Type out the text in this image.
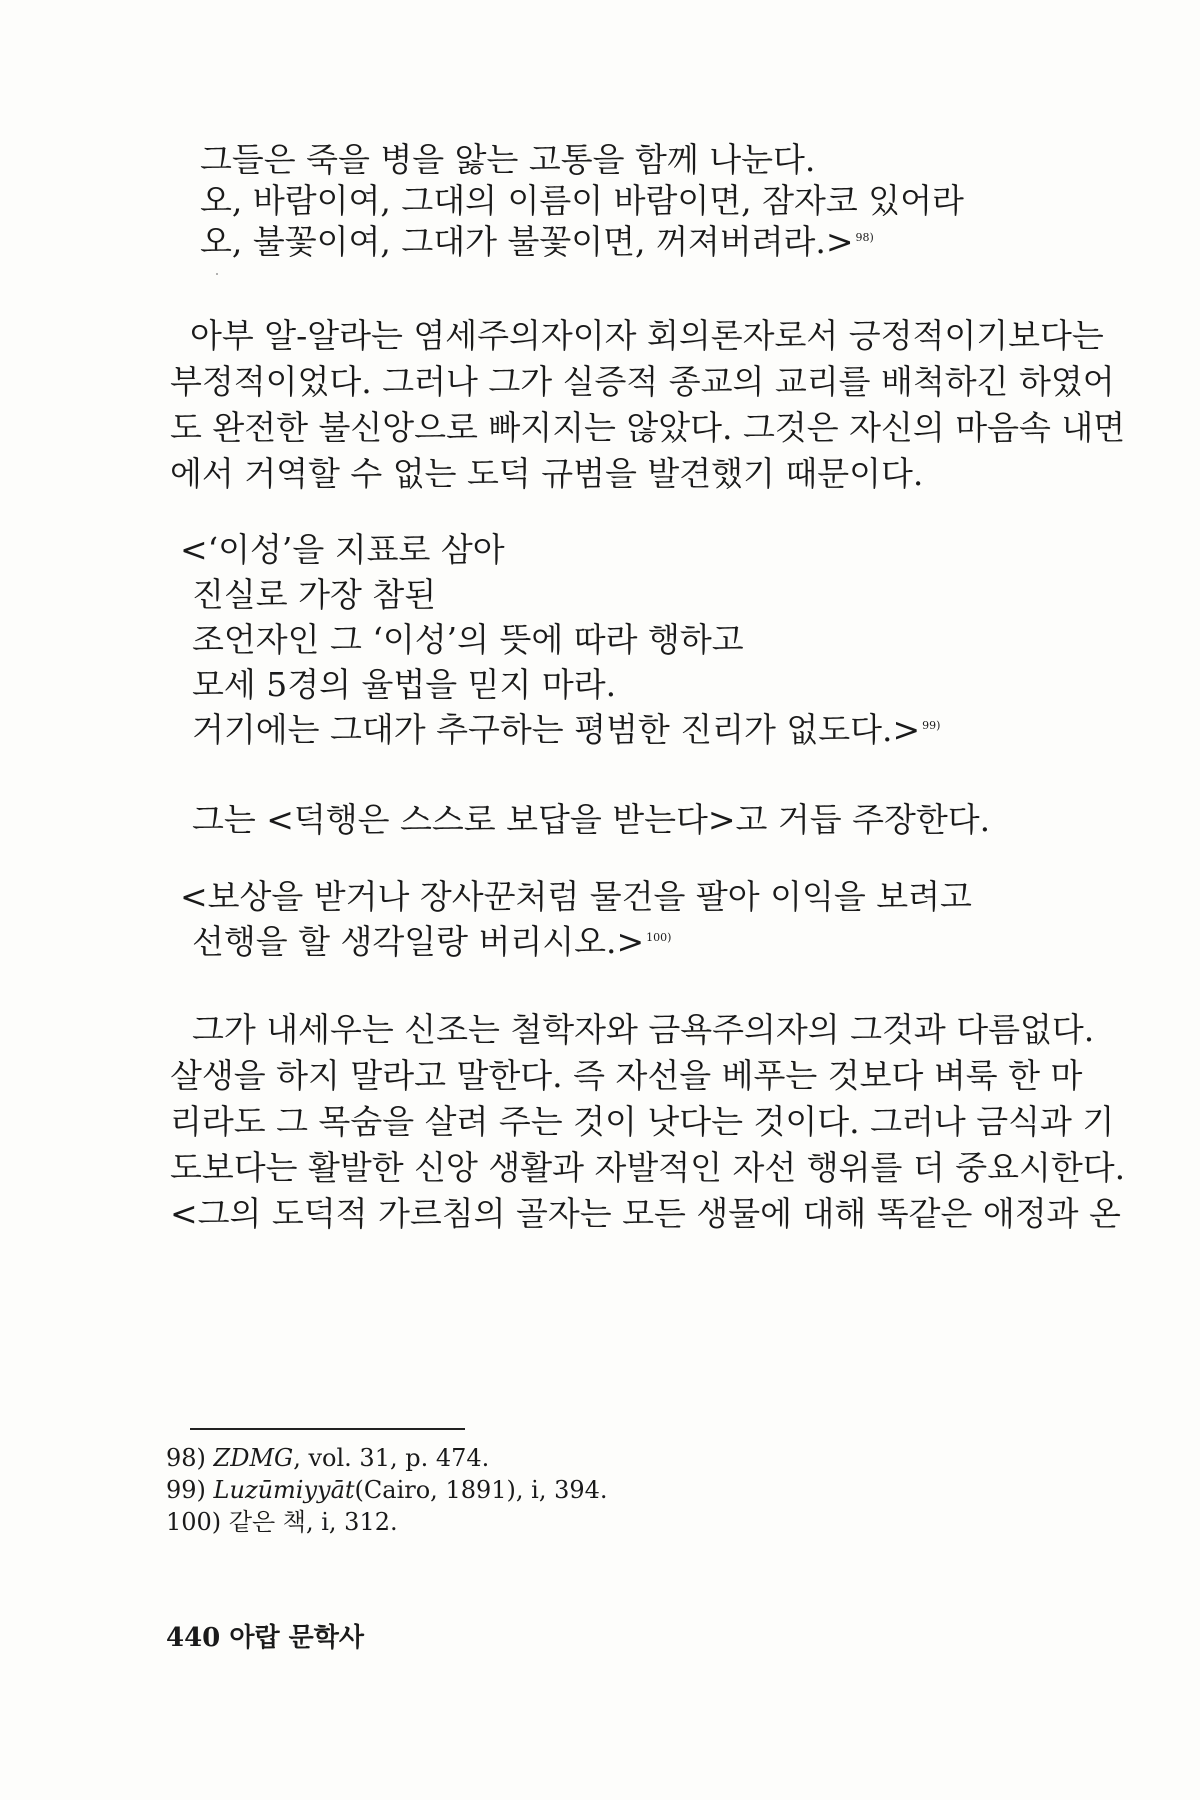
그들은 죽을 병을 앓는 고통을 함께 나눈다.
오, 바람이여, 그대의 이름이 바람이면, 잠자코 있어라
오, 불꽃이여, 그대가 불꽃이면, 꺼져버려라.> $^{98)}$
아부 알-알라는 염세주의자이자 회의론자로서 긍정적이기보다는
부정적이었다. 그러나 그가 실증적 종교의 교리를 배척하긴 하였어
도 완전한 불신앙으로 빠지지는 않았다. 그것은 자신의 마음속 내면
에서 거역할 수 없는 도덕 규범을 발견했기 때문이다.
<‘이성’을 지표로 삼아
진실로 가장 참된
조언자인 그 ‘이성’의 뜻에 따라 행하고
모세 5경의 율법을 믿지 마라.
거기에는 그대가 추구하는 평범한 진리가 없도다.> $^{99)}$
그는 <덕행은 스스로 보답을 받는다>고 거듭 주장한다.
<보상을 받거나 장사꾼처럼 물건을 팔아 이익을 보려고
선행을 할 생각일랑 버리시오.> $^{100)}$
그가 내세우는 신조는 철학자와 금욕주의자의 그것과 다름없다.
살생을 하지 말라고 말한다. 즉 자선을 베푸는 것보다 벼룩 한 마
리라도 그 목숨을 살려 주는 것이 낫다는 것이다. 그러나 금식과 기
도보다는 활발한 신앙 생활과 자발적인 자선 행위를 더 중요시한다.
<그의 도덕적 가르침의 골자는 모든 생물에 대해 똑같은 애정과 온
98) ZDMG, vol. 31, p. 474.
99) Luzūmiyyāt(Cairo, 1891), i, 394.
100) 같은 책, i, 312.
440 아랍 문학사
